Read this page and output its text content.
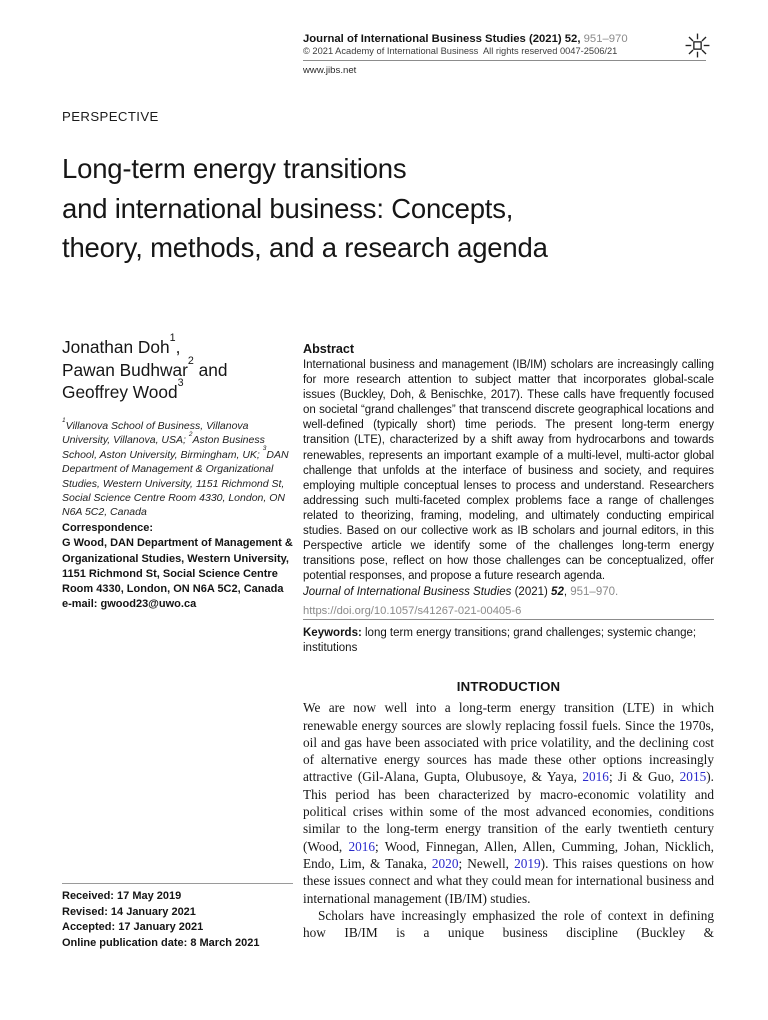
Journal of International Business Studies (2021) 52, 951–970
© 2021 Academy of International Business  All rights reserved 0047-2506/21
www.jibs.net
PERSPECTIVE
Long-term energy transitions
and international business: Concepts,
theory, methods, and a research agenda
Jonathan Doh$^1$,
Pawan Budhwar$^2$ and
Geoffrey Wood$^3$
$^1$Villanova School of Business, Villanova University, Villanova, USA; $^2$Aston Business School, Aston University, Birmingham, UK; $^3$DAN Department of Management & Organizational Studies, Western University, 1151 Richmond St, Social Science Centre Room 4330, London, ON N6A 5C2, Canada
Correspondence:
G Wood, DAN Department of Management & Organizational Studies, Western University, 1151 Richmond St, Social Science Centre Room 4330, London, ON N6A 5C2, Canada
e-mail: gwood23@uwo.ca
Received: 17 May 2019
Revised: 14 January 2021
Accepted: 17 January 2021
Online publication date: 8 March 2021
Abstract

International business and management (IB/IM) scholars are increasingly calling for more research attention to subject matter that incorporates global-scale issues (Buckley, Doh, & Benischke, 2017). These calls have frequently focused on societal “grand challenges” that transcend discrete geographical locations and well-defined (typically short) time periods. The present long-term energy transition (LTE), characterized by a shift away from hydrocarbons and towards renewables, represents an important example of a multi-level, multi-actor global challenge that unfolds at the interface of business and society, and requires employing multiple conceptual lenses to process and understand. Researchers addressing such multi-faceted complex problems face a range of challenges related to theorizing, framing, modeling, and ultimately conducting empirical studies. Based on our collective work as IB scholars and journal editors, in this Perspective article we identify some of the challenges long-term energy transitions pose, reflect on how those challenges can be conceptualized, offer potential responses, and propose a future research agenda.

Journal of International Business Studies (2021) 52, 951–970.

https://doi.org/10.1057/s41267-021-00405-6
Keywords: long term energy transitions; grand challenges; systemic change; institutions
INTRODUCTION

We are now well into a long-term energy transition (LTE) in which renewable energy sources are slowly replacing fossil fuels. Since the 1970s, oil and gas have been associated with price volatility, and the declining cost of alternative energy sources has made these other options increasingly attractive (Gil-Alana, Gupta, Olubusoye, & Yaya, 2016; Ji & Guo, 2015). This period has been characterized by macro-economic volatility and political crises within some of the most advanced economies, conditions similar to the long-term energy transition of the early twentieth century (Wood, 2016; Wood, Finnegan, Allen, Allen, Cumming, Johan, Nicklich, Endo, Lim, & Tanaka, 2020; Newell, 2019). This raises questions on how these issues connect and what they could mean for international business and international management (IB/IM) studies.

Scholars have increasingly emphasized the role of context in defining how IB/IM is a unique business discipline (Buckley &
